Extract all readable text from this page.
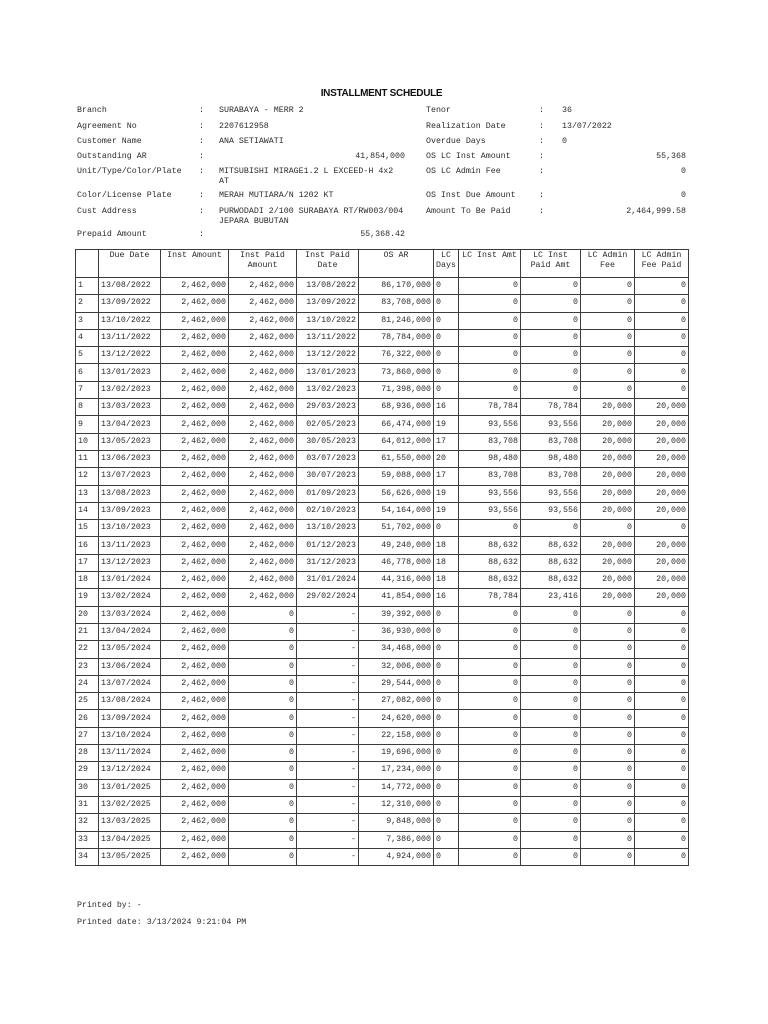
INSTALLMENT SCHEDULE
Branch	: SURABAYA - MERR 2
Agreement No	: 2207612958
Customer Name	: ANA SETIAWATI
Outstanding AR	:	41,854,000
Unit/Type/Color/Plate : MITSUBISHI MIRAGE1.2 L EXCEED-H 4x2 AT
Color/License Plate	: MERAH MUTIARA/N 1202 KT
Cust Address	: PURWODADI 2/100 SURABAYA RT/RW003/004 JEPARA BUBUTAN
Prepaid Amount	:	55,368.42
Tenor	: 36
Realization Date	: 13/07/2022
Overdue Days	: 0
OS LC Inst Amount	:	55,368
OS LC Admin Fee	:	0
OS Inst Due Amount	:	0
Amount To Be Paid	:	2,464,999.58
	Due Date	Inst Amount	Inst Paid Amount	Inst Paid Date	OS AR	LC Days	LC Inst Amt	LC Inst Paid Amt	LC Admin Fee	LC Admin Fee Paid
1	13/08/2022	2,462,000	2,462,000	13/08/2022	86,170,000	0	0	0	0	0
2	13/09/2022	2,462,000	2,462,000	13/09/2022	83,708,000	0	0	0	0	0
3	13/10/2022	2,462,000	2,462,000	13/10/2022	81,246,000	0	0	0	0	0
4	13/11/2022	2,462,000	2,462,000	13/11/2022	78,784,000	0	0	0	0	0
5	13/12/2022	2,462,000	2,462,000	13/12/2022	76,322,000	0	0	0	0	0
6	13/01/2023	2,462,000	2,462,000	13/01/2023	73,860,000	0	0	0	0	0
7	13/02/2023	2,462,000	2,462,000	13/02/2023	71,398,000	0	0	0	0	0
8	13/03/2023	2,462,000	2,462,000	29/03/2023	68,936,000	16	78,784	78,784	20,000	20,000
9	13/04/2023	2,462,000	2,462,000	02/05/2023	66,474,000	19	93,556	93,556	20,000	20,000
10	13/05/2023	2,462,000	2,462,000	30/05/2023	64,012,000	17	83,708	83,708	20,000	20,000
11	13/06/2023	2,462,000	2,462,000	03/07/2023	61,550,000	20	98,480	98,480	20,000	20,000
12	13/07/2023	2,462,000	2,462,000	30/07/2023	59,088,000	17	83,708	83,708	20,000	20,000
13	13/08/2023	2,462,000	2,462,000	01/09/2023	56,626,000	19	93,556	93,556	20,000	20,000
14	13/09/2023	2,462,000	2,462,000	02/10/2023	54,164,000	19	93,556	93,556	20,000	20,000
15	13/10/2023	2,462,000	2,462,000	13/10/2023	51,702,000	0	0	0	0	0
16	13/11/2023	2,462,000	2,462,000	01/12/2023	49,240,000	18	88,632	88,632	20,000	20,000
17	13/12/2023	2,462,000	2,462,000	31/12/2023	46,778,000	18	88,632	88,632	20,000	20,000
18	13/01/2024	2,462,000	2,462,000	31/01/2024	44,316,000	18	88,632	88,632	20,000	20,000
19	13/02/2024	2,462,000	2,462,000	29/02/2024	41,854,000	16	78,784	23,416	20,000	20,000
20	13/03/2024	2,462,000	0	-	39,392,000	0	0	0	0	0
21	13/04/2024	2,462,000	0	-	36,930,000	0	0	0	0	0
22	13/05/2024	2,462,000	0	-	34,468,000	0	0	0	0	0
23	13/06/2024	2,462,000	0	-	32,006,000	0	0	0	0	0
24	13/07/2024	2,462,000	0	-	29,544,000	0	0	0	0	0
25	13/08/2024	2,462,000	0	-	27,082,000	0	0	0	0	0
26	13/09/2024	2,462,000	0	-	24,620,000	0	0	0	0	0
27	13/10/2024	2,462,000	0	-	22,158,000	0	0	0	0	0
28	13/11/2024	2,462,000	0	-	19,696,000	0	0	0	0	0
29	13/12/2024	2,462,000	0	-	17,234,000	0	0	0	0	0
30	13/01/2025	2,462,000	0	-	14,772,000	0	0	0	0	0
31	13/02/2025	2,462,000	0	-	12,310,000	0	0	0	0	0
32	13/03/2025	2,462,000	0	-	9,848,000	0	0	0	0	0
33	13/04/2025	2,462,000	0	-	7,386,000	0	0	0	0	0
34	13/05/2025	2,462,000	0	-	4,924,000	0	0	0	0	0
Printed by: -
Printed date: 3/13/2024 9:21:04 PM
